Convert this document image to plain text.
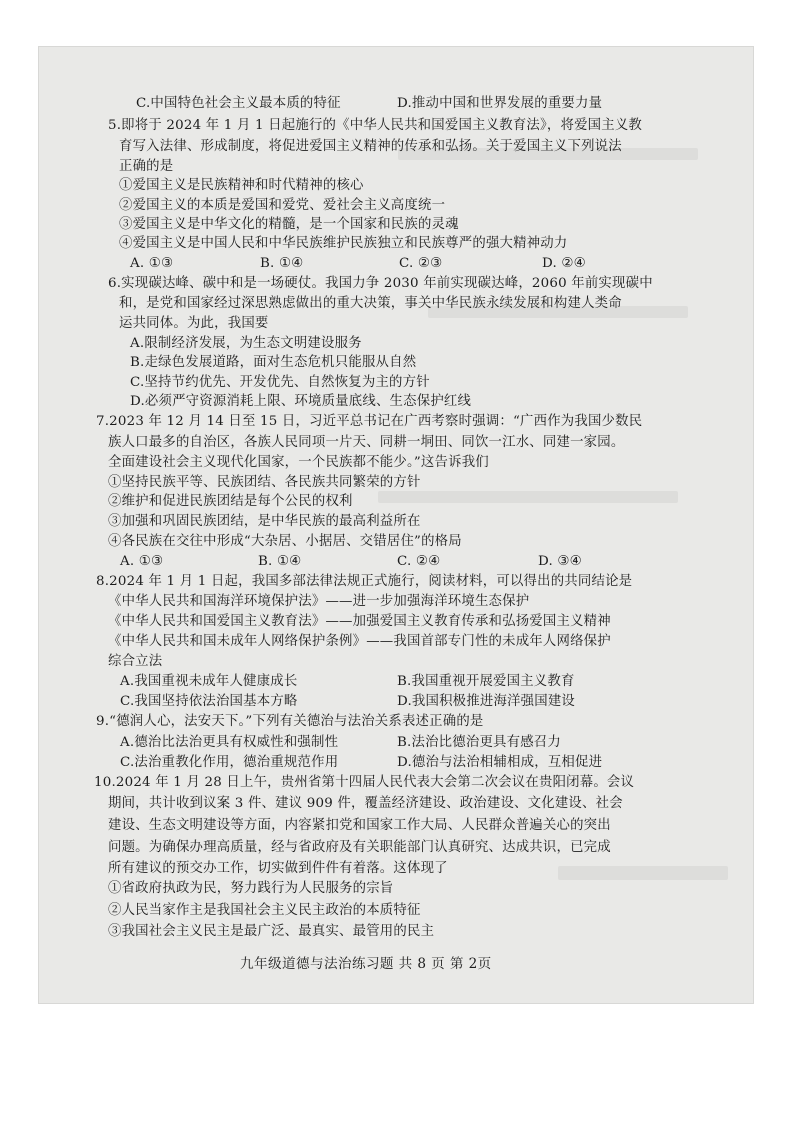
C.中国特色社会主义最本质的特征	D.推动中国和世界发展的重要力量
5.即将于 2024 年 1 月 1 日起施行的《中华人民共和国爱国主义教育法》，将爱国主义教
育写入法律、形成制度，将促进爱国主义精神的传承和弘扬。关于爱国主义下列说法
正确的是
①爱国主义是民族精神和时代精神的核心
②爱国主义的本质是爱国和爱党、爱社会主义高度统一
③爱国主义是中华文化的精髓，是一个国家和民族的灵魂
④爱国主义是中国人民和中华民族维护民族独立和民族尊严的强大精神动力
A. ①③	B. ①④	C. ②③	D. ②④
6.实现碳达峰、碳中和是一场硬仗。我国力争 2030 年前实现碳达峰，2060 年前实现碳中
和，是党和国家经过深思熟虑做出的重大决策，事关中华民族永续发展和构建人类命
运共同体。为此，我国要
A.限制经济发展，为生态文明建设服务
B.走绿色发展道路，面对生态危机只能服从自然
C.坚持节约优先、开发优先、自然恢复为主的方针
D.必须严守资源消耗上限、环境质量底线、生态保护红线
7.2023 年 12 月 14 日至 15 日，习近平总书记在广西考察时强调：“广西作为我国少数民
族人口最多的自治区，各族人民同项一片天、同耕一垌田、同饮一江水、同建一家园。
全面建设社会主义现代化国家，一个民族都不能少。”这告诉我们
①坚持民族平等、民族团结、各民族共同繁荣的方针
②维护和促进民族团结是每个公民的权利
③加强和巩固民族团结，是中华民族的最高利益所在
④各民族在交往中形成“大杂居、小据居、交错居住”的格局
A. ①③	B. ①④	C. ②④	D. ③④
8.2024 年 1 月 1 日起，我国多部法律法规正式施行，阅读材料，可以得出的共同结论是
《中华人民共和国海洋环境保护法》——进一步加强海洋环境生态保护
《中华人民共和国爱国主义教育法》——加强爱国主义教育传承和弘扬爱国主义精神
《中华人民共和国未成年人网络保护条例》——我国首部专门性的未成年人网络保护
综合立法
A.我国重视未成年人健康成长	B.我国重视开展爱国主义教育
C.我国坚持依法治国基本方略	D.我国积极推进海洋强国建设
9.“德润人心，法安天下。”下列有关德治与法治关系表述正确的是
A.德治比法治更具有权威性和强制性	B.法治比德治更具有感召力
C.法治重教化作用，德治重规范作用	D.德治与法治相辅相成，互相促进
10.2024 年 1 月 28 日上午，贵州省第十四届人民代表大会第二次会议在贵阳闭幕。会议
期间，共计收到议案 3 件、建议 909 件，覆盖经济建设、政治建设、文化建设、社会
建设、生态文明建设等方面，内容紧扣党和国家工作大局、人民群众普遍关心的突出
问题。为确保办理高质量，经与省政府及有关职能部门认真研究、达成共识，已完成
所有建议的预交办工作，切实做到件件有着落。这体现了
①省政府执政为民，努力践行为人民服务的宗旨
②人民当家作主是我国社会主义民主政治的本质特征
③我国社会主义民主是最广泛、最真实、最管用的民主
九年级道德与法治练习题 共 8 页 第 2页
